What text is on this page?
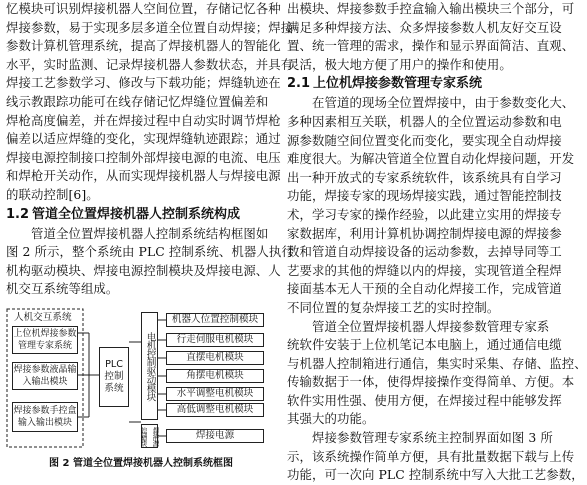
忆模块可识别焊接机器人空间位置，存储记忆各种
焊接参数，易于实现多层多道全位置自动焊接；焊接
参数计算机管理系统，提高了焊接机器人的智能化
水平，实时监测、记录焊接机器人参数状态，并具有
焊接工艺参数学习、修改与下载功能；焊缝轨迹在
线示教跟踪功能可在线存储记忆焊缝位置偏差和
焊枪高度偏差，并在焊接过程中自动实时调节焊枪
偏差以适应焊缝的变化，实现焊缝轨迹跟踪；通过
焊接电源控制接口控制外部焊接电源的电流、电压
和焊枪开关动作，从而实现焊接机器人与焊接电源
的联动控制[6]。
1.2 管道全位置焊接机器人控制系统构成
管道全位置焊接机器人控制系统结构框图如
图 2 所示，整个系统由 PLC 控制系统、机器人执行
机构驱动模块、焊接电源控制模块及焊接电源、人
机交互系统等组成。
人机交互系统
上位机焊接参数管理专家系统
焊接参数液晶输入输出模块
焊接参数手控盒输入输出模块
PLC控制系统	电机控制驱动模块
焊接电源控制模块
机器人位置控制模块
行走伺服电机模块
直摆电机模块
角摆电机模块
水平调整电机模块
高低调整电机模块
焊接电源
图 2 管道全位置焊接机器人控制系统框图
出模块、焊接参数手控盒输入输出模块三个部分，可
满足多种焊接方法、众多焊接参数人机友好交互设
置、统一管理的需求，操作和显示界面简洁、直观、
灵活，极大地方便了用户的操作和使用。
2.1 上位机焊接参数管理专家系统
在管道的现场全位置焊接中，由于参数变化大、
多种因素相互关联，机器人的全位置运动参数和电
源参数随空间位置变化而变化，要实现全自动焊接
难度很大。为解决管道全位置自动化焊接问题，开发
出一种开放式的专家系统软件，该系统具有自学习
功能，焊接专家的现场焊接实践，通过智能控制技
术，学习专家的操作经验，以此建立实用的焊接专
家数据库，利用计算机协调控制焊接电源的焊接参
数和管道自动焊接设备的运动参数，去掉导同等工
艺要求的其他的焊缝以内的焊接，实现管道全程焊
接面基本无人干预的全自动化焊接工作，完成管道
不同位置的复杂焊接工艺的实时控制。
管道全位置焊接机器人焊接参数管理专家系
统软件安装于上位机笔记本电脑上，通过通信电缆
与机器人控制箱进行通信，集实时采集、存储、监控、
传输数据于一体，使得焊接操作变得简单、方便。本
软件实用性强、使用方便，在焊接过程中能够发挥
其强大的功能。
焊接参数管理专家系统主控制界面如图 3 所
示，该系统操作简单方便，具有批量数据下载与上传
功能，可一次向 PLC 控制系统中写入大批工艺参数，
